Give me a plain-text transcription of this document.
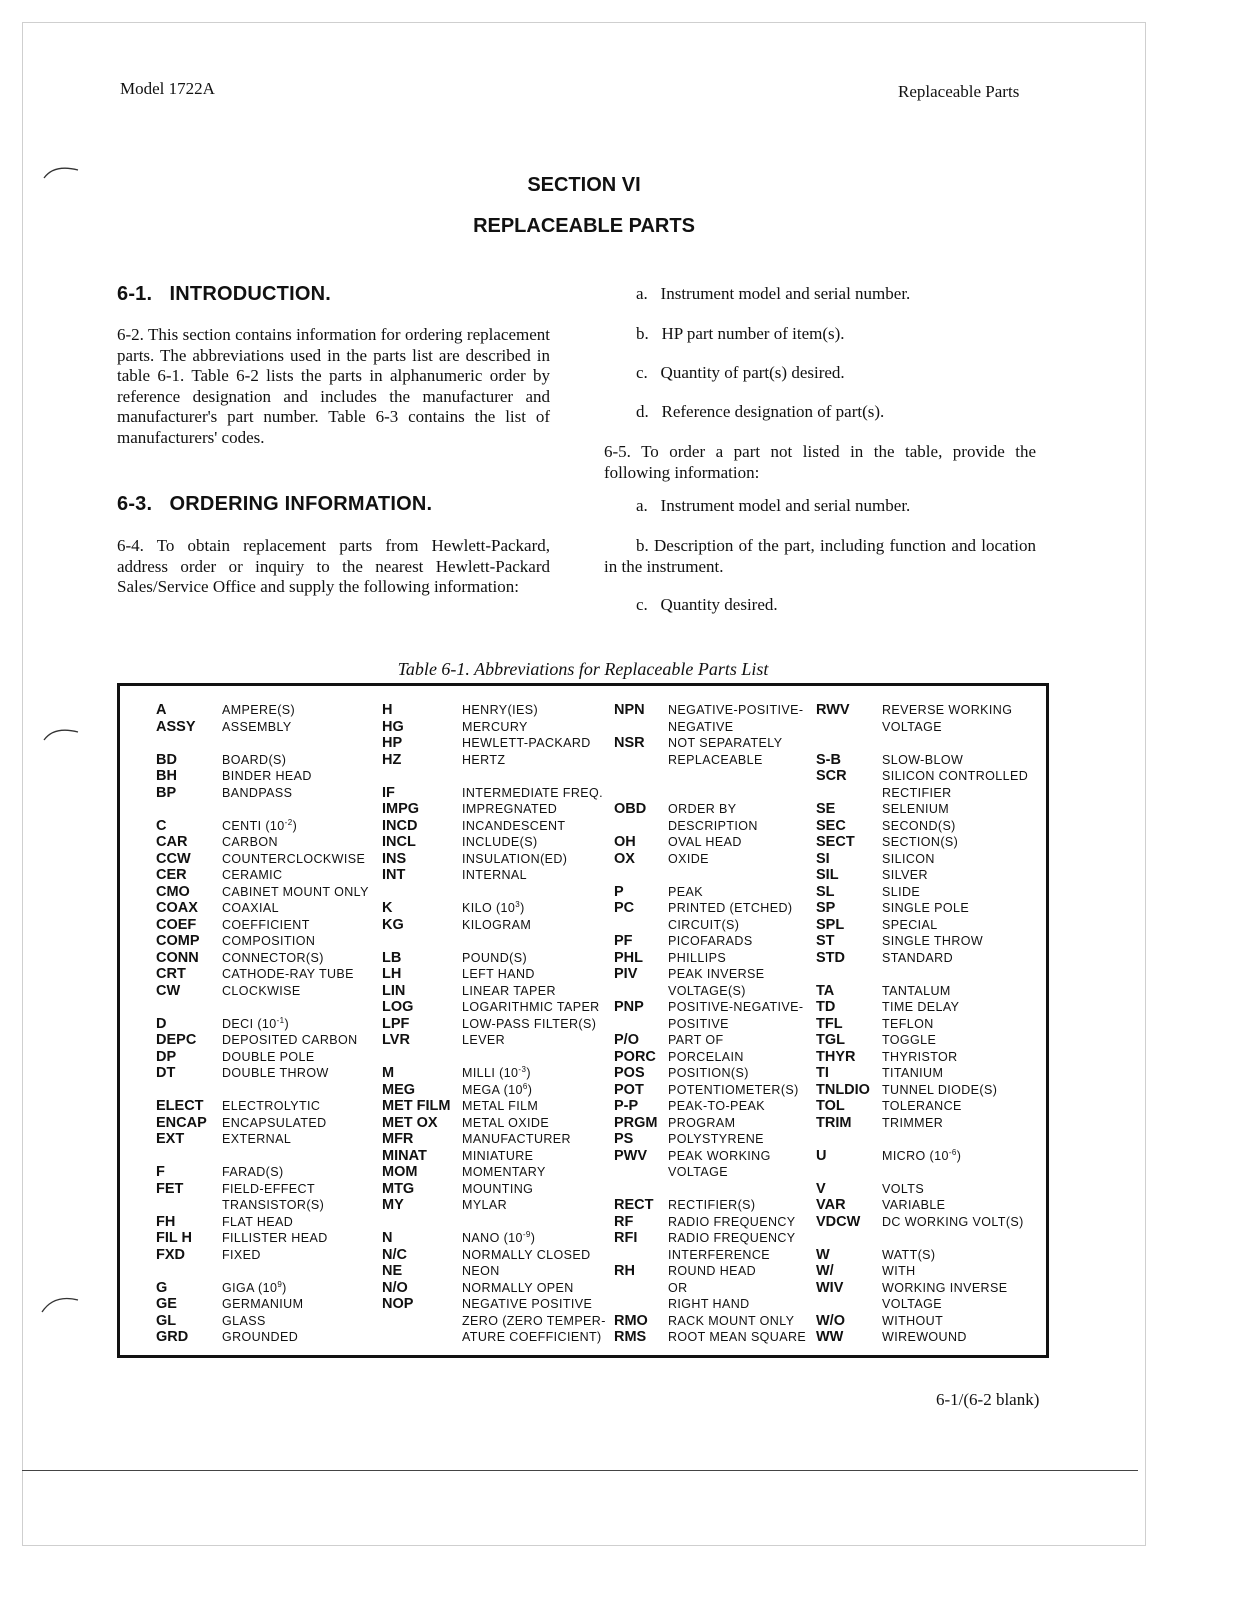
Model 1722A	Replaceable Parts
SECTION VI
REPLACEABLE PARTS
6-1.   INTRODUCTION.
6-2. This section contains information for ordering replacement parts. The abbreviations used in the parts list are described in table 6-1. Table 6-2 lists the parts in alphanumeric order by reference designation and includes the manufacturer and manufacturer's part number. Table 6-3 contains the list of manufacturers' codes.
6-3.   ORDERING INFORMATION.
6-4. To obtain replacement parts from Hewlett-Packard, address order or inquiry to the nearest Hewlett-Packard Sales/Service Office and supply the following information:
a.   Instrument model and serial number.
b.   HP part number of item(s).
c.   Quantity of part(s) desired.
d.   Reference designation of part(s).
6-5. To order a part not listed in the table, provide the following information:
a.   Instrument model and serial number.
b. Description of the part, including function and location in the instrument.
c.   Quantity desired.
Table 6-1. Abbreviations for Replaceable Parts List
A	AMPERE(S)
ASSY ASSEMBLY
BD	BOARD(S)
BH	BINDER HEAD
BP	BANDPASS
C	CENTI $(10^{-2})$
CAR	CARBON
CCW	COUNTERCLOCKWISE
CER	CERAMIC
CMO	CABINET MOUNT ONLY
COAX COAXIAL
COEF COEFFICIENT
COMP COMPOSITION
CONN CONNECTOR(S)
CRT	CATHODE-RAY TUBE
CW	CLOCKWISE
D	DECI $(10^{-1})$
DEPC DEPOSITED CARBON
DP	DOUBLE POLE
DT	DOUBLE THROW
ELECT ELECTROLYTIC
ENCAP ENCAPSULATED
EXT	EXTERNAL
F	FARAD(S)
FET	FIELD-EFFECT
TRANSISTOR(S)
FH	FLAT HEAD
FIL H FILLISTER HEAD
FXD	FIXED
G	GIGA $(10^9)$
GE	GERMANIUM
GL	GLASS
GRD	GROUNDED
H	HENRY(IES)
HG	MERCURY
HP	HEWLETT-PACKARD
HZ	HERTZ
IF	INTERMEDIATE FREQ.
IMPG	IMPREGNATED
INCD	INCANDESCENT
INCL	INCLUDE(S)
INS	INSULATION(ED)
INT	INTERNAL
K	KILO $(10^3)$
KG	KILOGRAM
LB	POUND(S)
LH	LEFT HAND
LIN	LINEAR TAPER
LOG	LOGARITHMIC TAPER
LPF	LOW-PASS FILTER(S)
LVR	LEVER
M	MILLI $(10^{-3})$
MEG	MEGA $(10^6)$
MET FILM METAL FILM
MET OX METAL OXIDE
MFR	MANUFACTURER
MINAT	MINIATURE
MOM	MOMENTARY
MTG	MOUNTING
MY	MYLAR
N	NANO $(10^{-9})$
N/C	NORMALLY CLOSED
NE	NEON
N/O	NORMALLY OPEN
NOP	NEGATIVE POSITIVE
ZERO (ZERO TEMPER-
ATURE COEFFICIENT)
NPN NEGATIVE-POSITIVE-
NEGATIVE
NSR NOT SEPARATELY
REPLACEABLE
OBD ORDER BY
DESCRIPTION
OH	OVAL HEAD
OX	OXIDE
P	PEAK
PC	PRINTED (ETCHED)
CIRCUIT(S)
PF	PICOFARADS
PHL PHILLIPS
PIV PEAK INVERSE
VOLTAGE(S)
PNP POSITIVE-NEGATIVE-
POSITIVE
P/O PART OF
PORC PORCELAIN
POS POSITION(S)
POT POTENTIOMETER(S)
P-P PEAK-TO-PEAK
PRGM PROGRAM
PS	POLYSTYRENE
PWV PEAK WORKING
VOLTAGE
RECT RECTIFIER(S)
RF	RADIO FREQUENCY
RFI RADIO FREQUENCY
INTERFERENCE
RH	ROUND HEAD
OR
RIGHT HAND
RMO RACK MOUNT ONLY
RMS ROOT MEAN SQUARE
RWV	REVERSE WORKING
VOLTAGE
S-B	SLOW-BLOW
SCR	SILICON CONTROLLED
RECTIFIER
SE	SELENIUM
SEC	SECOND(S)
SECT SECTION(S)
SI	SILICON
SIL	SILVER
SL	SLIDE
SP	SINGLE POLE
SPL	SPECIAL
ST	SINGLE THROW
STD	STANDARD
TA	TANTALUM
TD	TIME DELAY
TFL	TEFLON
TGL	TOGGLE
THYR THYRISTOR
TI	TITANIUM
TNLDIO TUNNEL DIODE(S)
TOL	TOLERANCE
TRIM TRIMMER
U	MICRO $(10^{-6})$
V	VOLTS
VAR	VARIABLE
VDCW DC WORKING VOLT(S)
W	WATT(S)
W/	WITH
WIV	WORKING INVERSE
VOLTAGE
W/O	WITHOUT
WW	WIREWOUND
6-1/(6-2 blank)
